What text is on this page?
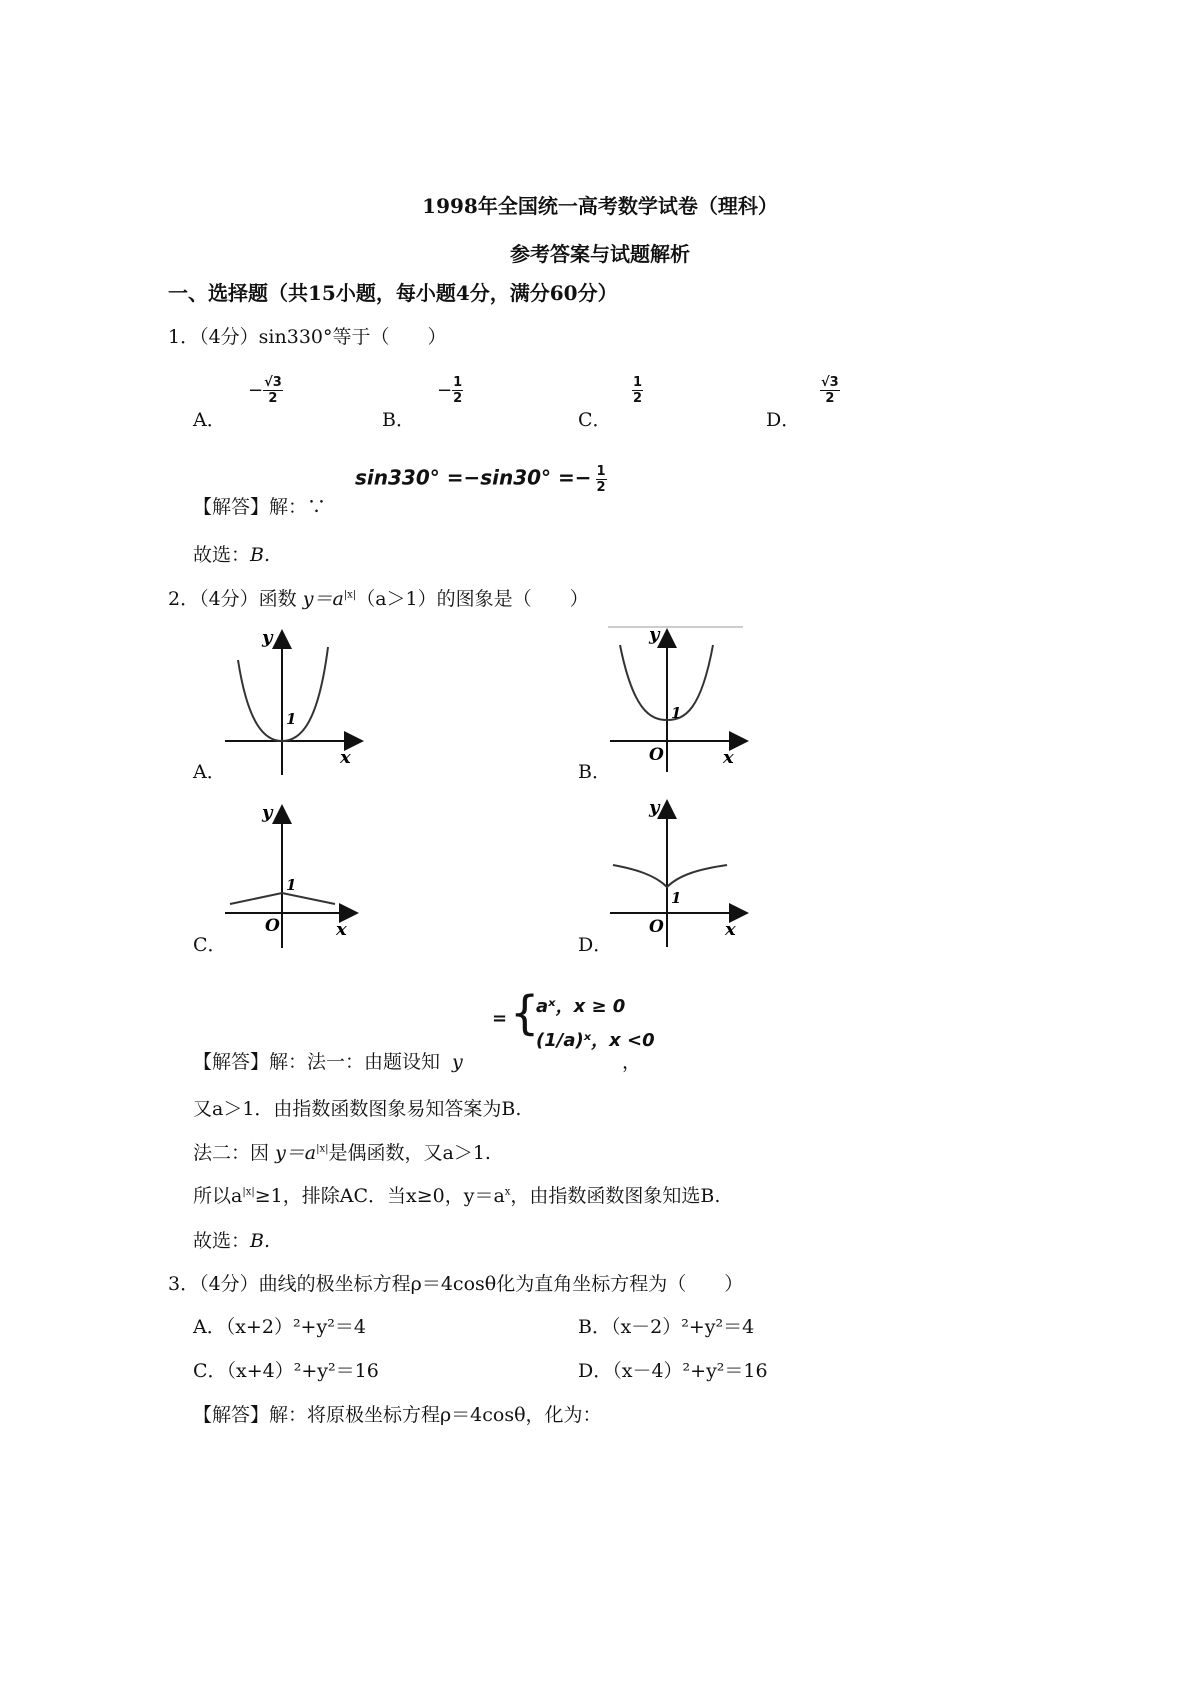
1998年全国统一高考数学试卷（理科）
参考答案与试题解析
一、选择题（共15小题，每小题4分，满分60分）
1．（4分）sin330°等于（　　）
A．
− $\frac{√3}{2}$
B．
− $\frac{1}{2}$
C．
$\frac{1}{2}$
D．
$\frac{√3}{2}$
【解答】解：∵
$\sin 330^\circ =-\sin 30^\circ =- \frac{1}{2}$
故选：B.
2．（4分）函数 $y=a^{|x|}(a>1)$的图象是（　　）
A．
y
x
1
B．
y
x
O
1
C．
y
x
O
1
D．
y
x
O
1
【解答】解：法一：由题设知 y
= {
aˣ，x ≥ 0
(1/a)ˣ，x <0
，
又a＞1．由指数函数图象易知答案为B.
法二：因 $y=a^{|x|}$是偶函数，又a＞1.
所以$a^{|x|}\ge 1$，排除AC．当x≥0，$y=a^x$，由指数函数图象知选B.
故选：B.
3．（4分）曲线的极坐标方程ρ＝4cosθ化为直角坐标方程为（　　）
A．（x+2）²+y²＝4	B．（x－2）²+y²＝4
C．（x+4）²+y²＝16	D．（x－4）²+y²＝16
【解答】解：将原极坐标方程ρ＝4cosθ，化为：
